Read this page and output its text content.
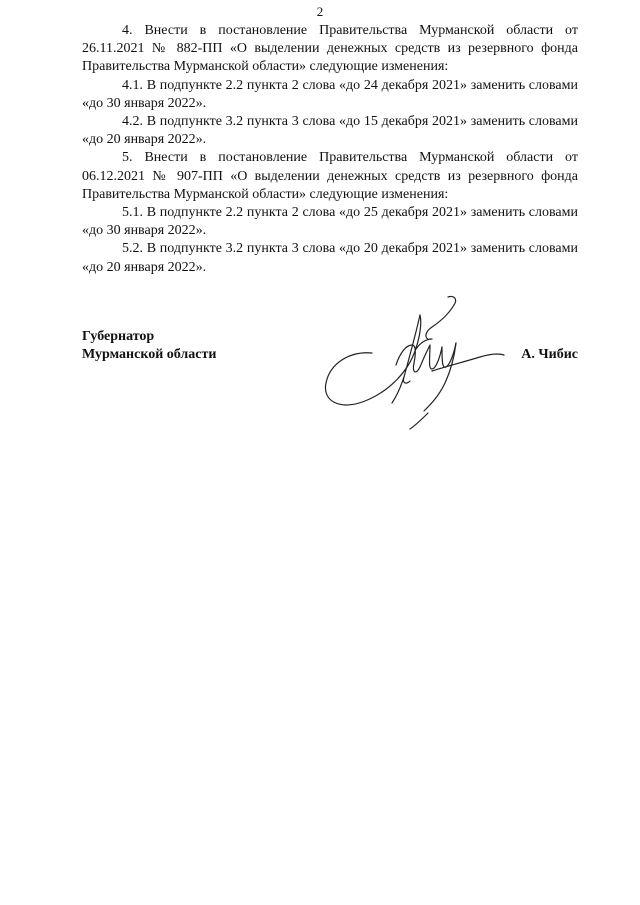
2

4. Внести в постановление Правительства Мурманской области от 26.11.2021 № 882-ПП «О выделении денежных средств из резервного фонда Правительства Мурманской области» следующие изменения:

4.1. В подпункте 2.2 пункта 2 слова «до 24 декабря 2021» заменить словами «до 30 января 2022».

4.2. В подпункте 3.2 пункта 3 слова «до 15 декабря 2021» заменить словами «до 20 января 2022».

5. Внести в постановление Правительства Мурманской области от 06.12.2021 № 907-ПП «О выделении денежных средств из резервного фонда Правительства Мурманской области» следующие изменения:

5.1. В подпункте 2.2 пункта 2 слова «до 25 декабря 2021» заменить словами «до 30 января 2022».

5.2. В подпункте 3.2 пункта 3 слова «до 20 декабря 2021» заменить словами «до 20 января 2022».

Губернатор
Мурманской области	А. Чибис
